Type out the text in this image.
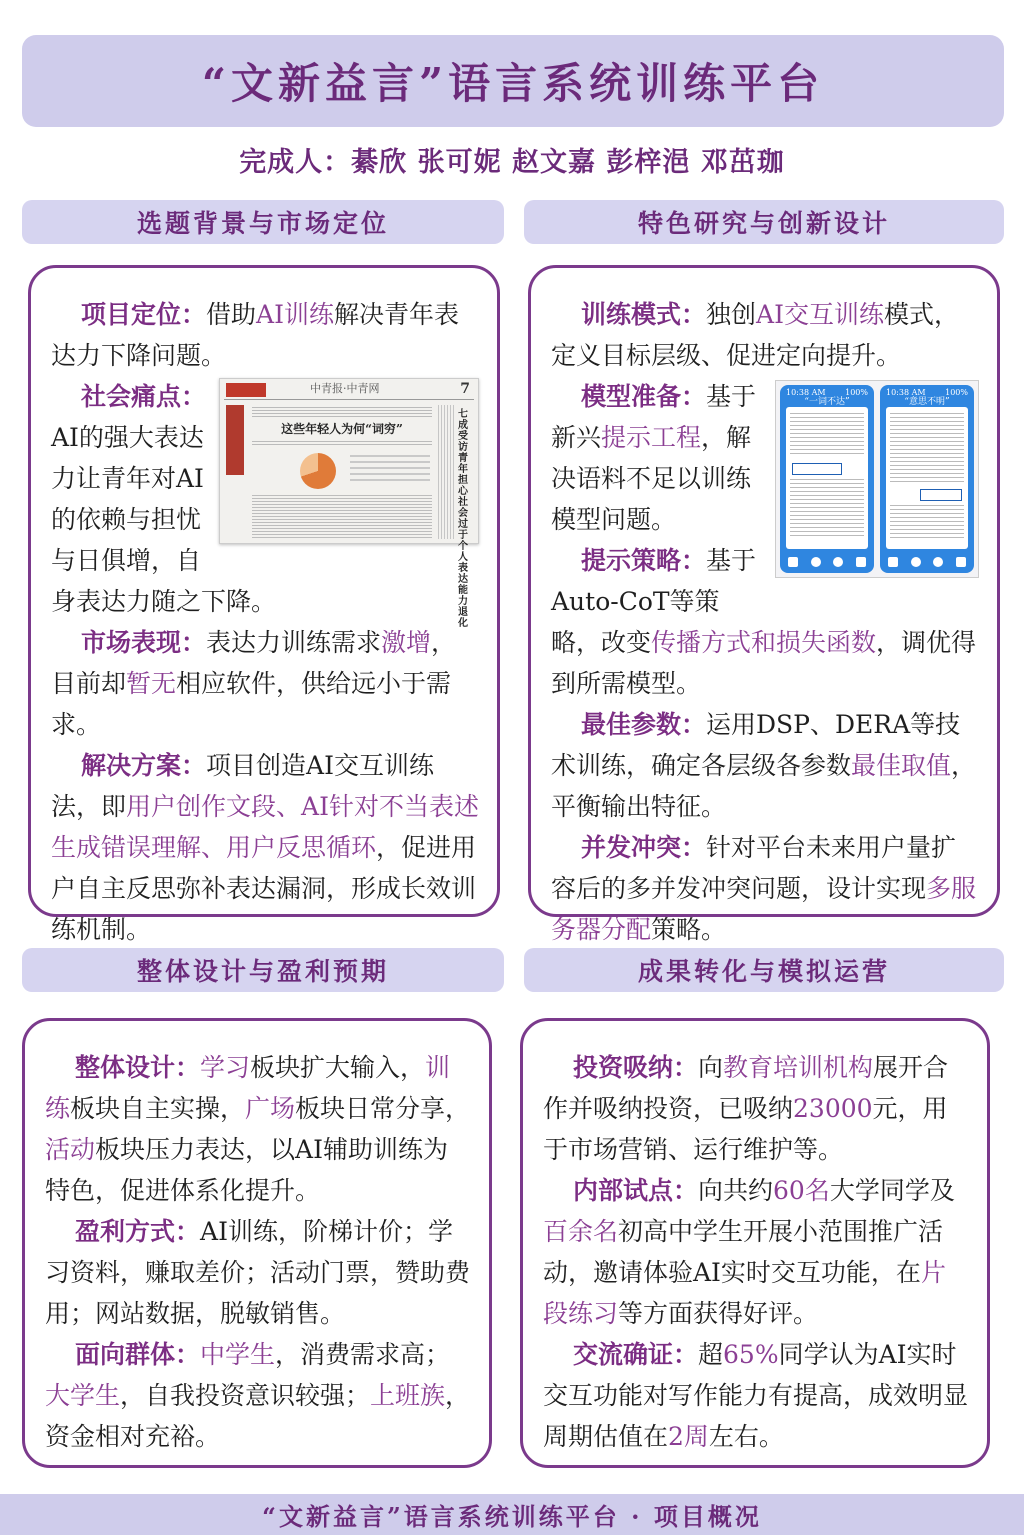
“文新益言”语言系统训练平台
完成人：綦欣 张可妮 赵文嘉 彭梓浥 邓茁珈
选题背景与市场定位	特色研究与创新设计
整体设计与盈利预期	成果转化与模拟运营

项目定位：借助AI训练解决青年表达力下降问题。

中青报·中青网	7
这些年轻人为何“词穷”
七成受访青年担心社会过于个人表达能力退化

社会痛点：AI的强大表达力让青年对AI的依赖与担忧与日俱增，自身表达力随之下降。

市场表现：表达力训练需求激增，目前却暂无相应软件，供给远小于需求。

解决方案：项目创造AI交互训练法，即用户创作文段、AI针对不当表述生成错误理解、用户反思循环，促进用户自主反思弥补表达漏洞，形成长效训练机制。

训练模式：独创AI交互训练模式，定义目标层级、促进定向提升。

10:38 AM 100%
“一词不达”
10:38 AM 100%
“意思不明”

模型准备：基于新兴提示工程，解决语料不足以训练模型问题。

提示策略：基于Auto-CoT等策略，改变传播方式和损失函数，调优得到所需模型。

最佳参数：运用DSP、DERA等技术训练，确定各层级各参数最佳取值，平衡输出特征。

并发冲突：针对平台未来用户量扩容后的多并发冲突问题，设计实现多服务器分配策略。

整体设计：学习板块扩大输入，训练板块自主实操，广场板块日常分享，活动板块压力表达，以AI辅助训练为特色，促进体系化提升。

盈利方式：AI训练，阶梯计价；学习资料，赚取差价；活动门票，赞助费用；网站数据，脱敏销售。

面向群体：中学生，消费需求高；大学生，自我投资意识较强；上班族，资金相对充裕。

投资吸纳：向教育培训机构展开合作并吸纳投资，已吸纳23000元，用于市场营销、运行维护等。

内部试点：向共约60名大学同学及百余名初高中学生开展小范围推广活动，邀请体验AI实时交互功能，在片段练习等方面获得好评。

交流确证：超65%同学认为AI实时交互功能对写作能力有提高，成效明显周期估值在2周左右。

“文新益言”语言系统训练平台 · 项目概况
